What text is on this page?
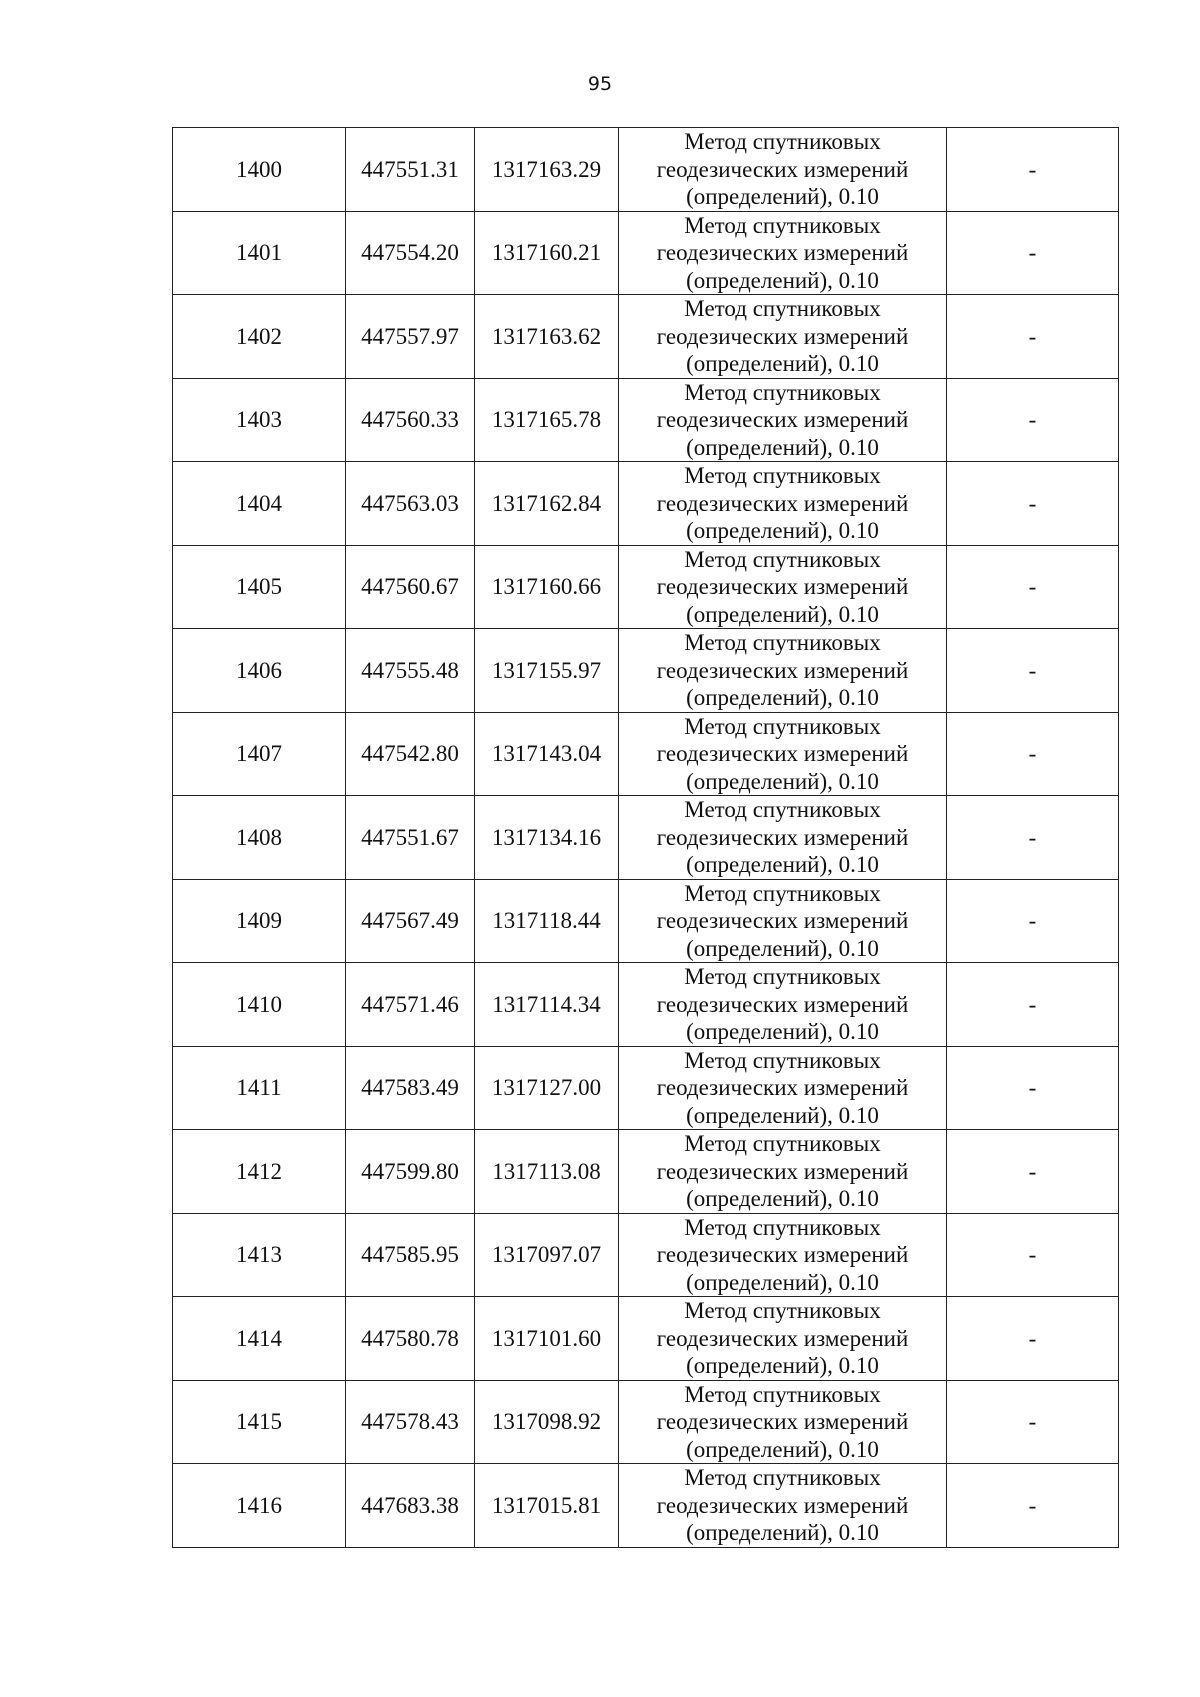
95
1400	447551.31	1317163.29	Метод спутниковых
геодезических измерений
(определений), 0.10	-
1401	447554.20	1317160.21	Метод спутниковых
геодезических измерений
(определений), 0.10	-
1402	447557.97	1317163.62	Метод спутниковых
геодезических измерений
(определений), 0.10	-
1403	447560.33	1317165.78	Метод спутниковых
геодезических измерений
(определений), 0.10	-
1404	447563.03	1317162.84	Метод спутниковых
геодезических измерений
(определений), 0.10	-
1405	447560.67	1317160.66	Метод спутниковых
геодезических измерений
(определений), 0.10	-
1406	447555.48	1317155.97	Метод спутниковых
геодезических измерений
(определений), 0.10	-
1407	447542.80	1317143.04	Метод спутниковых
геодезических измерений
(определений), 0.10	-
1408	447551.67	1317134.16	Метод спутниковых
геодезических измерений
(определений), 0.10	-
1409	447567.49	1317118.44	Метод спутниковых
геодезических измерений
(определений), 0.10	-
1410	447571.46	1317114.34	Метод спутниковых
геодезических измерений
(определений), 0.10	-
1411	447583.49	1317127.00	Метод спутниковых
геодезических измерений
(определений), 0.10	-
1412	447599.80	1317113.08	Метод спутниковых
геодезических измерений
(определений), 0.10	-
1413	447585.95	1317097.07	Метод спутниковых
геодезических измерений
(определений), 0.10	-
1414	447580.78	1317101.60	Метод спутниковых
геодезических измерений
(определений), 0.10	-
1415	447578.43	1317098.92	Метод спутниковых
геодезических измерений
(определений), 0.10	-
1416	447683.38	1317015.81	Метод спутниковых
геодезических измерений
(определений), 0.10	-
